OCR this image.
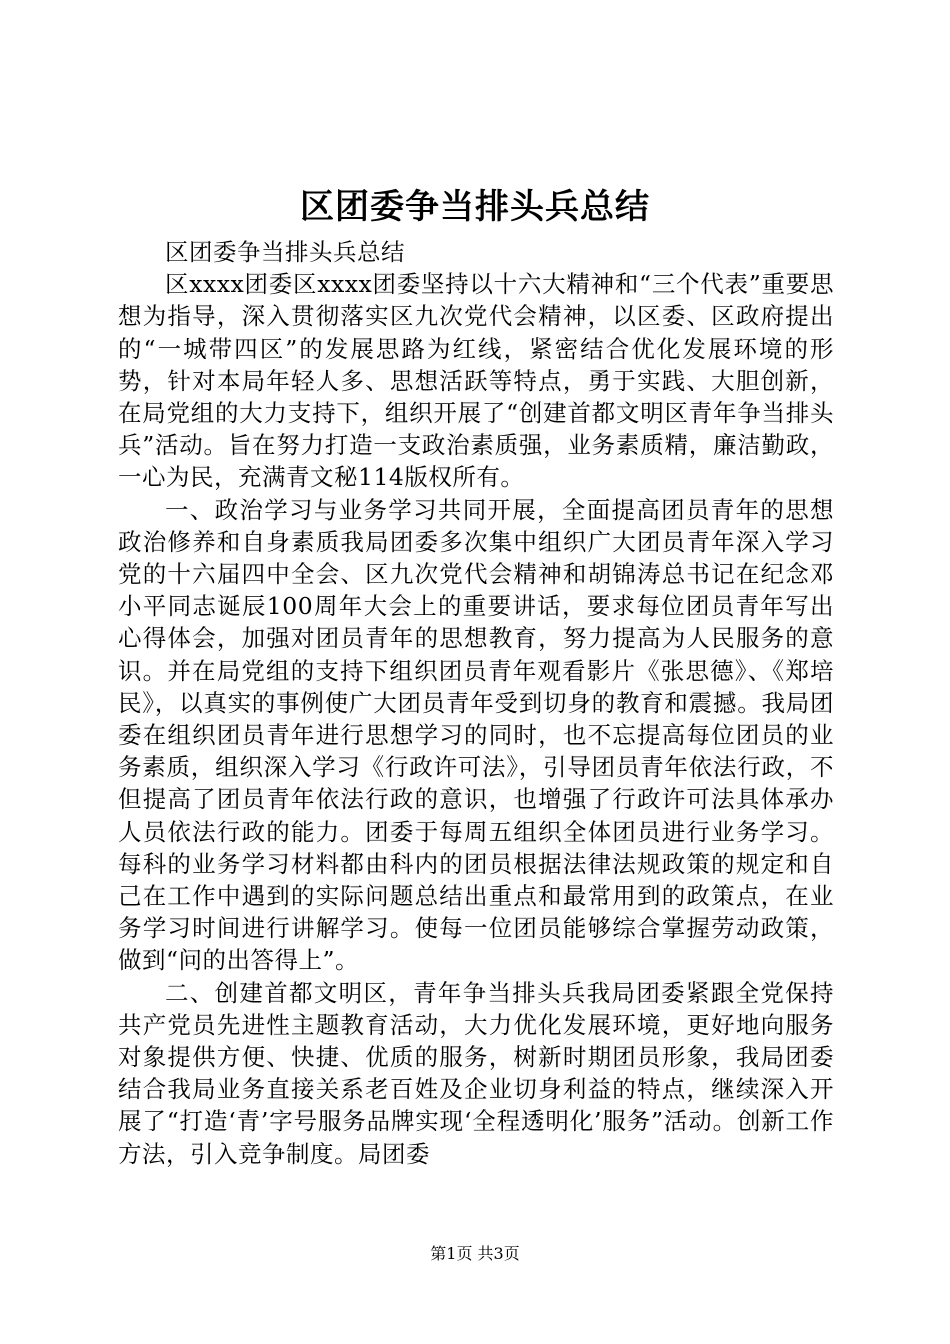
区团委争当排头兵总结

区团委争当排头兵总结

区xxxx团委区xxxx团委坚持以十六大精神和“三个代表”重要思想为指导，深入贯彻落实区九次党代会精神，以区委、区政府提出的“一城带四区”的发展思路为红线，紧密结合优化发展环境的形势，针对本局年轻人多、思想活跃等特点，勇于实践、大胆创新，在局党组的大力支持下，组织开展了“创建首都文明区青年争当排头兵”活动。旨在努力打造一支政治素质强，业务素质精，廉洁勤政，一心为民，充满青文秘114版权所有。

一、政治学习与业务学习共同开展，全面提高团员青年的思想政治修养和自身素质我局团委多次集中组织广大团员青年深入学习党的十六届四中全会、区九次党代会精神和胡锦涛总书记在纪念邓小平同志诞辰100周年大会上的重要讲话，要求每位团员青年写出心得体会，加强对团员青年的思想教育，努力提高为人民服务的意识。并在局党组的支持下组织团员青年观看影片《张思德》、《郑培民》，以真实的事例使广大团员青年受到切身的教育和震撼。我局团委在组织团员青年进行思想学习的同时，也不忘提高每位团员的业务素质，组织深入学习《行政许可法》，引导团员青年依法行政，不但提高了团员青年依法行政的意识，也增强了行政许可法具体承办人员依法行政的能力。团委于每周五组织全体团员进行业务学习。每科的业务学习材料都由科内的团员根据法律法规政策的规定和自己在工作中遇到的实际问题总结出重点和最常用到的政策点，在业务学习时间进行讲解学习。使每一位团员能够综合掌握劳动政策，做到“问的出答得上”。

二、创建首都文明区，青年争当排头兵我局团委紧跟全党保持共产党员先进性主题教育活动，大力优化发展环境，更好地向服务对象提供方便、快捷、优质的服务，树新时期团员形象，我局团委结合我局业务直接关系老百姓及企业切身利益的特点，继续深入开展了“打造‘青’字号服务品牌实现‘全程透明化’服务”活动。创新工作方法，引入竞争制度。局团委

第1页 共3页
